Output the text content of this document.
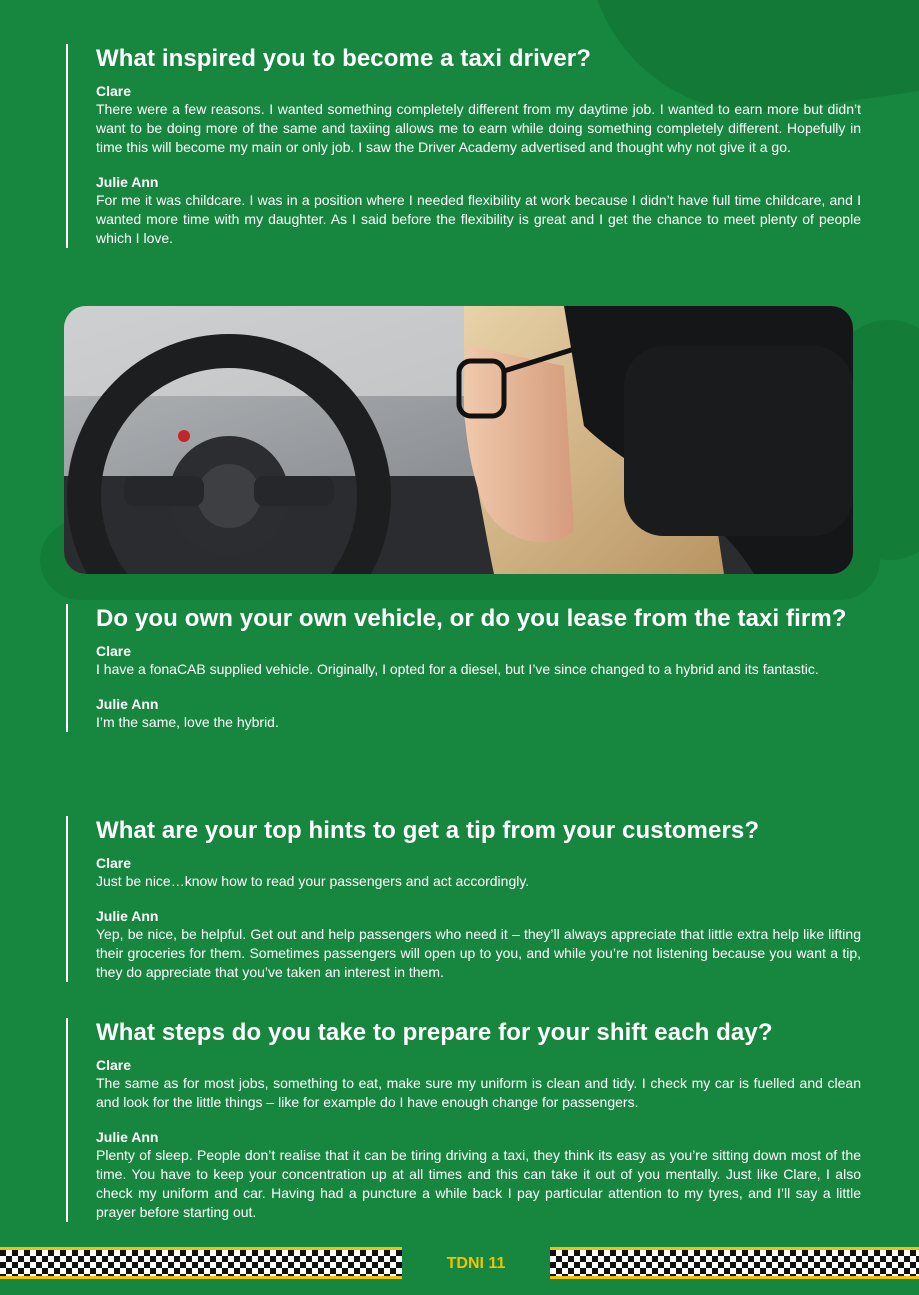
What inspired you to become a taxi driver?

Clare

There were a few reasons. I wanted something completely different from my daytime job. I wanted to earn more but didn’t want to be doing more of the same and taxiing allows me to earn while doing something completely different. Hopefully in time this will become my main or only job. I saw the Driver Academy advertised and thought why not give it a go.

Julie Ann

For me it was childcare. I was in a position where I needed flexibility at work because I didn’t have full time childcare, and I wanted more time with my daughter. As I said before the flexibility is great and I get the chance to meet plenty of people which I love.

Do you own your own vehicle, or do you lease from the taxi firm?

Clare

I have a fonaCAB supplied vehicle. Originally, I opted for a diesel, but I’ve since changed to a hybrid and its fantastic.

Julie Ann

I’m the same, love the hybrid.

What are your top hints to get a tip from your customers?

Clare

Just be nice…know how to read your passengers and act accordingly.

Julie Ann

Yep, be nice, be helpful. Get out and help passengers who need it – they’ll always appreciate that little extra help like lifting their groceries for them. Sometimes passengers will open up to you, and while you’re not listening because you want a tip, they do appreciate that you’ve taken an interest in them.

What steps do you take to prepare for your shift each day?

Clare

The same as for most jobs, something to eat, make sure my uniform is clean and tidy. I check my car is fuelled and clean and look for the little things – like for example do I have enough change for passengers.

Julie Ann

Plenty of sleep. People don’t realise that it can be tiring driving a taxi, they think its easy as you’re sitting down most of the time. You have to keep your concentration up at all times and this can take it out of you mentally. Just like Clare, I also check my uniform and car. Having had a puncture a while back I pay particular attention to my tyres, and I’ll say a little prayer before starting out.

TDNI 11
